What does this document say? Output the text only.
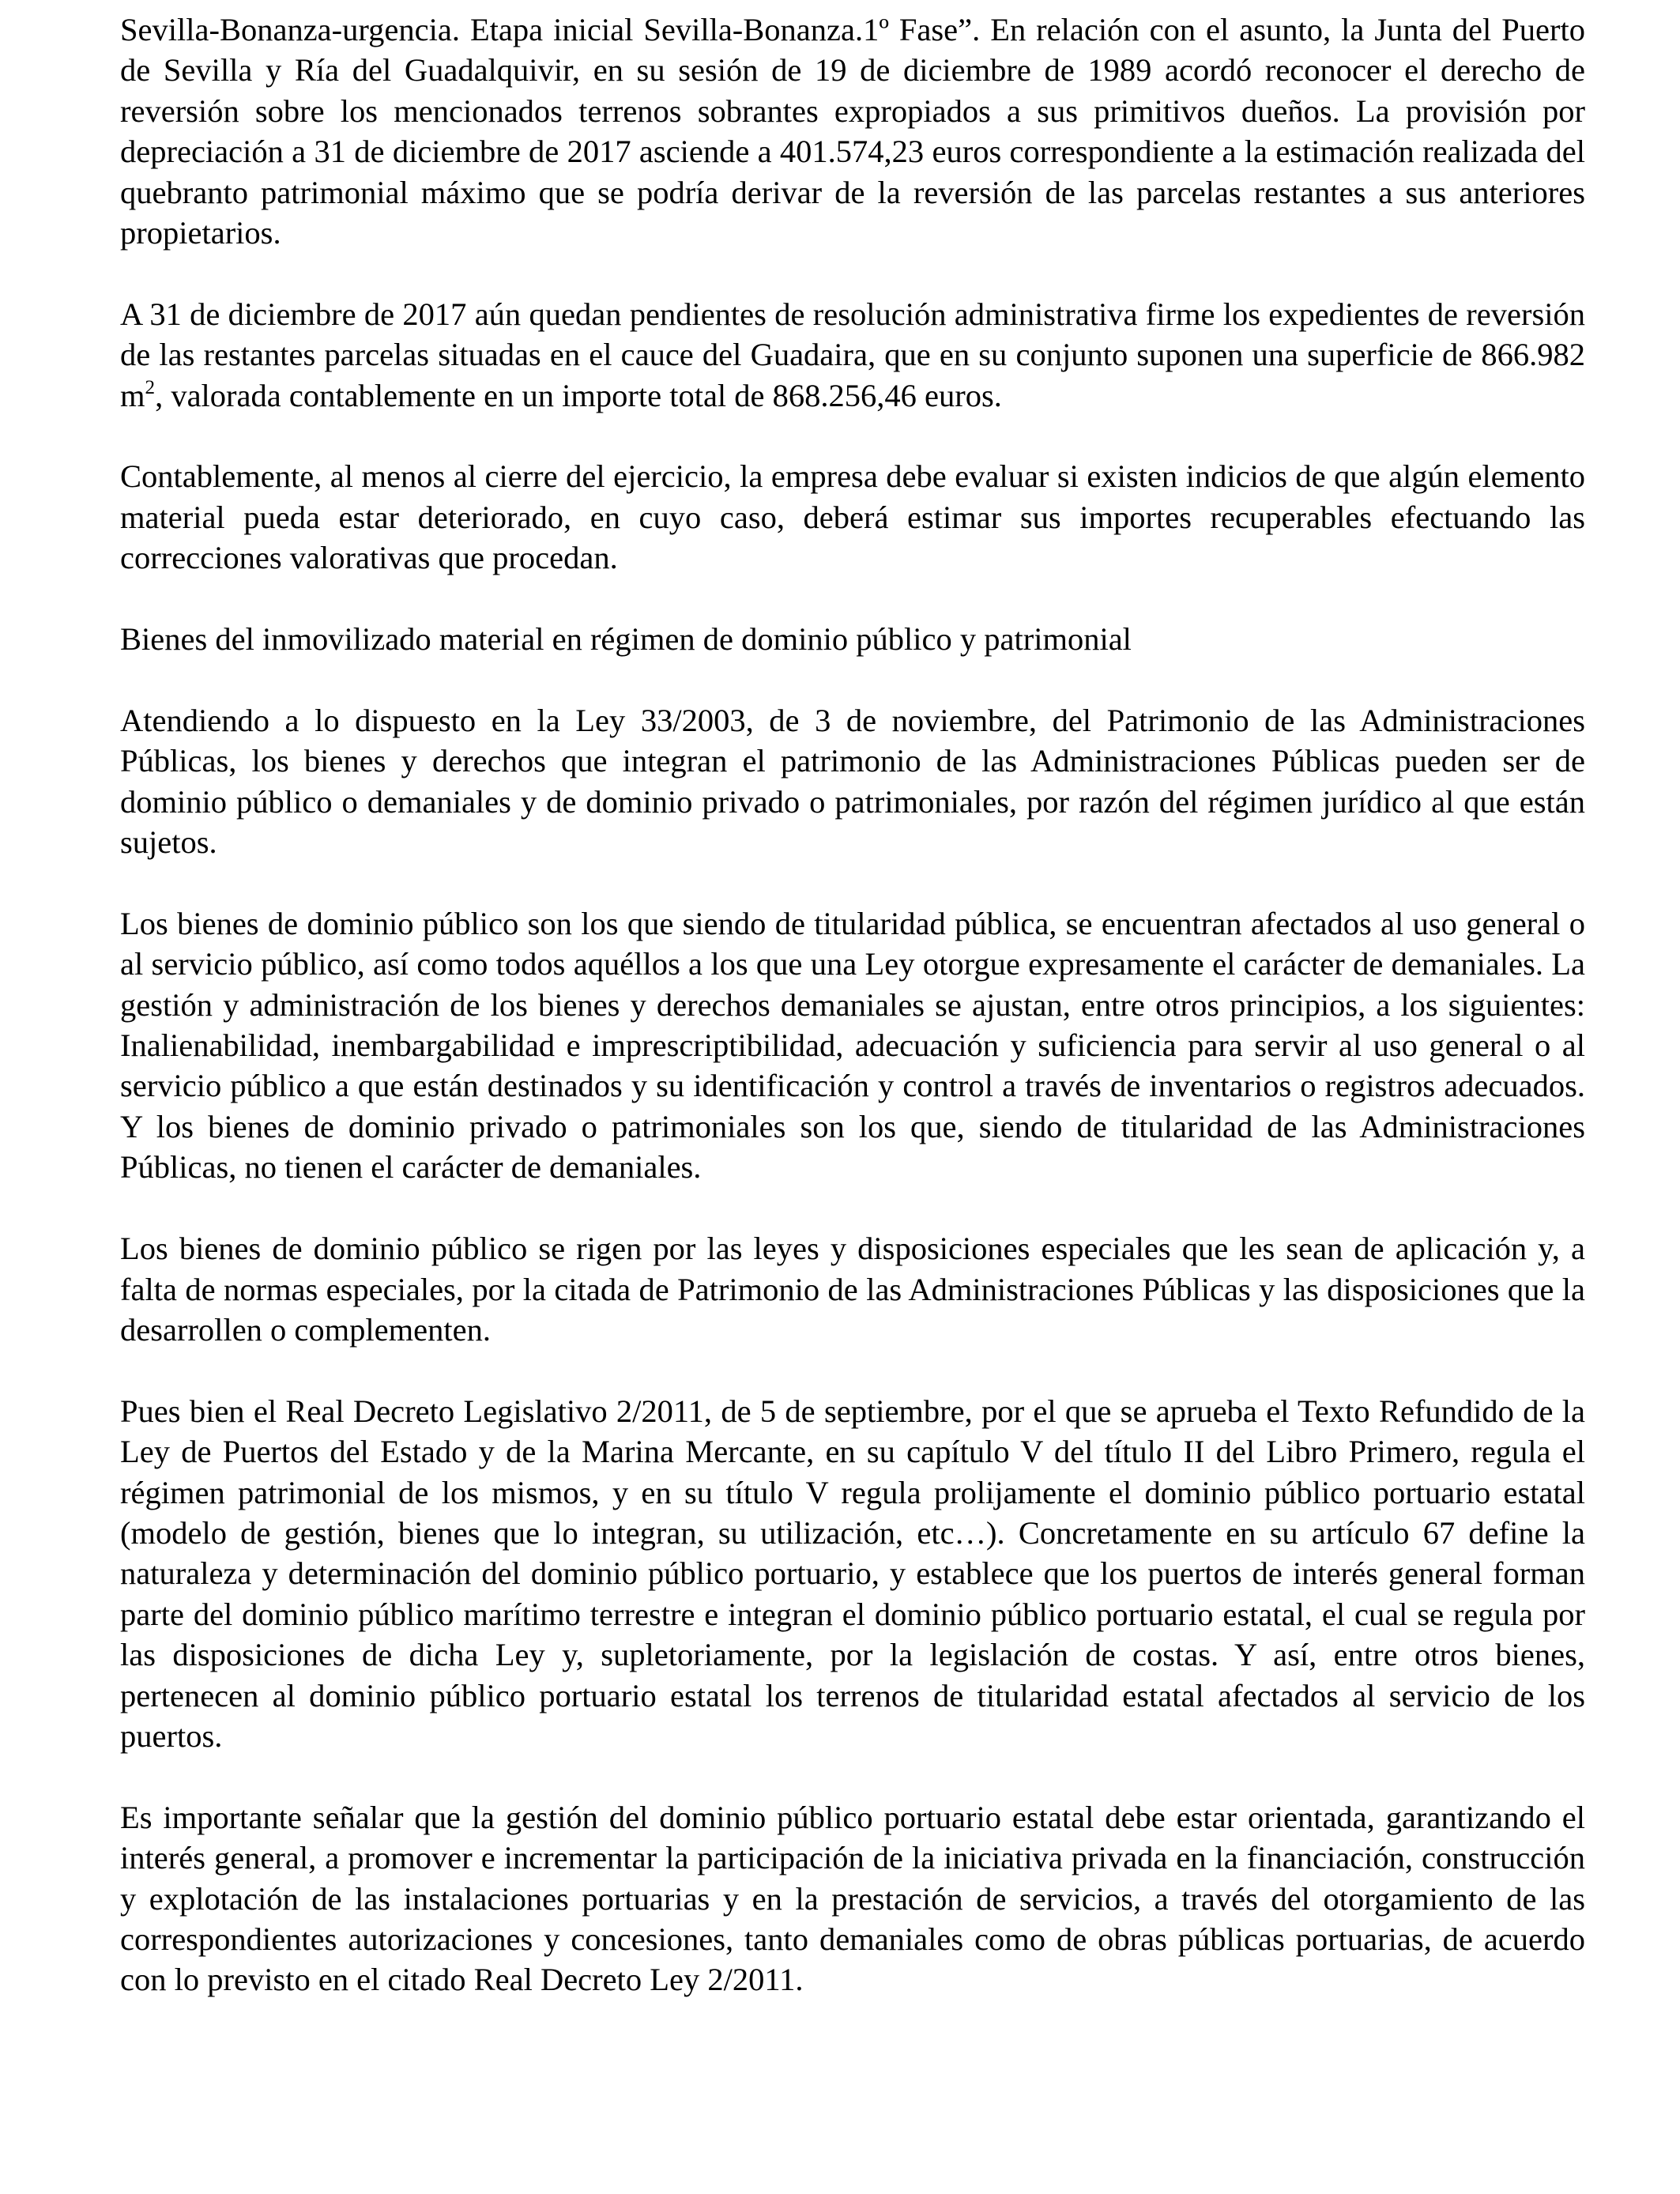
Sevilla-Bonanza-urgencia. Etapa inicial Sevilla-Bonanza.1º Fase”. En relación con el asunto, la Junta del Puerto de Sevilla y Ría del Guadalquivir, en su sesión de 19 de diciembre de 1989 acordó reconocer el derecho de reversión sobre los mencionados terrenos sobrantes expropiados a sus primitivos dueños. La provisión por depreciación a 31 de diciembre de 2017 asciende a 401.574,23 euros correspondiente a la estimación realizada del quebranto patrimonial máximo que se podría derivar de la reversión de las parcelas restantes a sus anteriores propietarios.

A 31 de diciembre de 2017 aún quedan pendientes de resolución administrativa firme los expedientes de reversión de las restantes parcelas situadas en el cauce del Guadaira, que en su conjunto suponen una superficie de 866.982 $m^2$, valorada contablemente en un importe total de 868.256,46 euros.

Contablemente, al menos al cierre del ejercicio, la empresa debe evaluar si existen indicios de que algún elemento material pueda estar deteriorado, en cuyo caso, deberá estimar sus importes recuperables efectuando las correcciones valorativas que procedan.

Bienes del inmovilizado material en régimen de dominio público y patrimonial

Atendiendo a lo dispuesto en la Ley 33/2003, de 3 de noviembre, del Patrimonio de las Administraciones Públicas, los bienes y derechos que integran el patrimonio de las Administraciones Públicas pueden ser de dominio público o demaniales y de dominio privado o patrimoniales, por razón del régimen jurídico al que están sujetos.

Los bienes de dominio público son los que siendo de titularidad pública, se encuentran afectados al uso general o al servicio público, así como todos aquéllos a los que una Ley otorgue expresamente el carácter de demaniales. La gestión y administración de los bienes y derechos demaniales se ajustan, entre otros principios, a los siguientes: Inalienabilidad, inembargabilidad e imprescriptibilidad, adecuación y suficiencia para servir al uso general o al servicio público a que están destinados y su identificación y control a través de inventarios o registros adecuados. Y los bienes de dominio privado o patrimoniales son los que, siendo de titularidad de las Administraciones Públicas, no tienen el carácter de demaniales.

Los bienes de dominio público se rigen por las leyes y disposiciones especiales que les sean de aplicación y, a falta de normas especiales, por la citada de Patrimonio de las Administraciones Públicas y las disposiciones que la desarrollen o complementen.

Pues bien el Real Decreto Legislativo 2/2011, de 5 de septiembre, por el que se aprueba el Texto Refundido de la Ley de Puertos del Estado y de la Marina Mercante, en su capítulo V del título II del Libro Primero, regula el régimen patrimonial de los mismos, y en su título V regula prolijamente el dominio público portuario estatal (modelo de gestión, bienes que lo integran, su utilización, etc…). Concretamente en su artículo 67 define la naturaleza y determinación del dominio público portuario, y establece que los puertos de interés general forman parte del dominio público marítimo terrestre e integran el dominio público portuario estatal, el cual se regula por las disposiciones de dicha Ley y, supletoriamente, por la legislación de costas. Y así, entre otros bienes, pertenecen al dominio público portuario estatal los terrenos de titularidad estatal afectados al servicio de los puertos.

Es importante señalar que la gestión del dominio público portuario estatal debe estar orientada, garantizando el interés general, a promover e incrementar la participación de la iniciativa privada en la financiación, construcción y explotación de las instalaciones portuarias y en la prestación de servicios, a través del otorgamiento de las correspondientes autorizaciones y concesiones, tanto demaniales como de obras públicas portuarias, de acuerdo con lo previsto en el citado Real Decreto Ley 2/2011.
